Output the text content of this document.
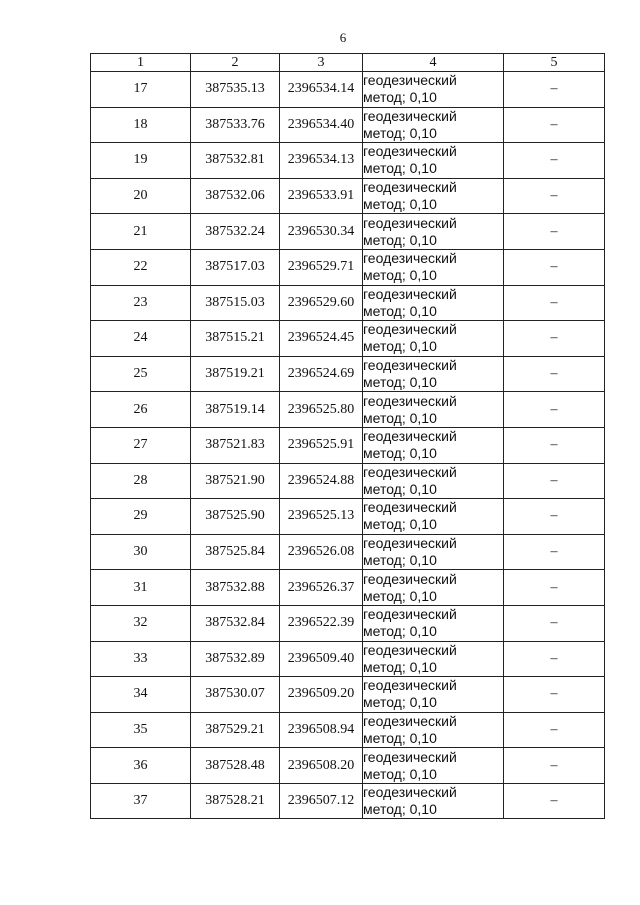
6
1	2	3	4	5
17	387535.13	2396534.14	геодезический
метод; 0,10	–
18	387533.76	2396534.40	геодезический
метод; 0,10	–
19	387532.81	2396534.13	геодезический
метод; 0,10	–
20	387532.06	2396533.91	геодезический
метод; 0,10	–
21	387532.24	2396530.34	геодезический
метод; 0,10	–
22	387517.03	2396529.71	геодезический
метод; 0,10	–
23	387515.03	2396529.60	геодезический
метод; 0,10	–
24	387515.21	2396524.45	геодезический
метод; 0,10	–
25	387519.21	2396524.69	геодезический
метод; 0,10	–
26	387519.14	2396525.80	геодезический
метод; 0,10	–
27	387521.83	2396525.91	геодезический
метод; 0,10	–
28	387521.90	2396524.88	геодезический
метод; 0,10	–
29	387525.90	2396525.13	геодезический
метод; 0,10	–
30	387525.84	2396526.08	геодезический
метод; 0,10	–
31	387532.88	2396526.37	геодезический
метод; 0,10	–
32	387532.84	2396522.39	геодезический
метод; 0,10	–
33	387532.89	2396509.40	геодезический
метод; 0,10	–
34	387530.07	2396509.20	геодезический
метод; 0,10	–
35	387529.21	2396508.94	геодезический
метод; 0,10	–
36	387528.48	2396508.20	геодезический
метод; 0,10	–
37	387528.21	2396507.12	геодезический
метод; 0,10	–
